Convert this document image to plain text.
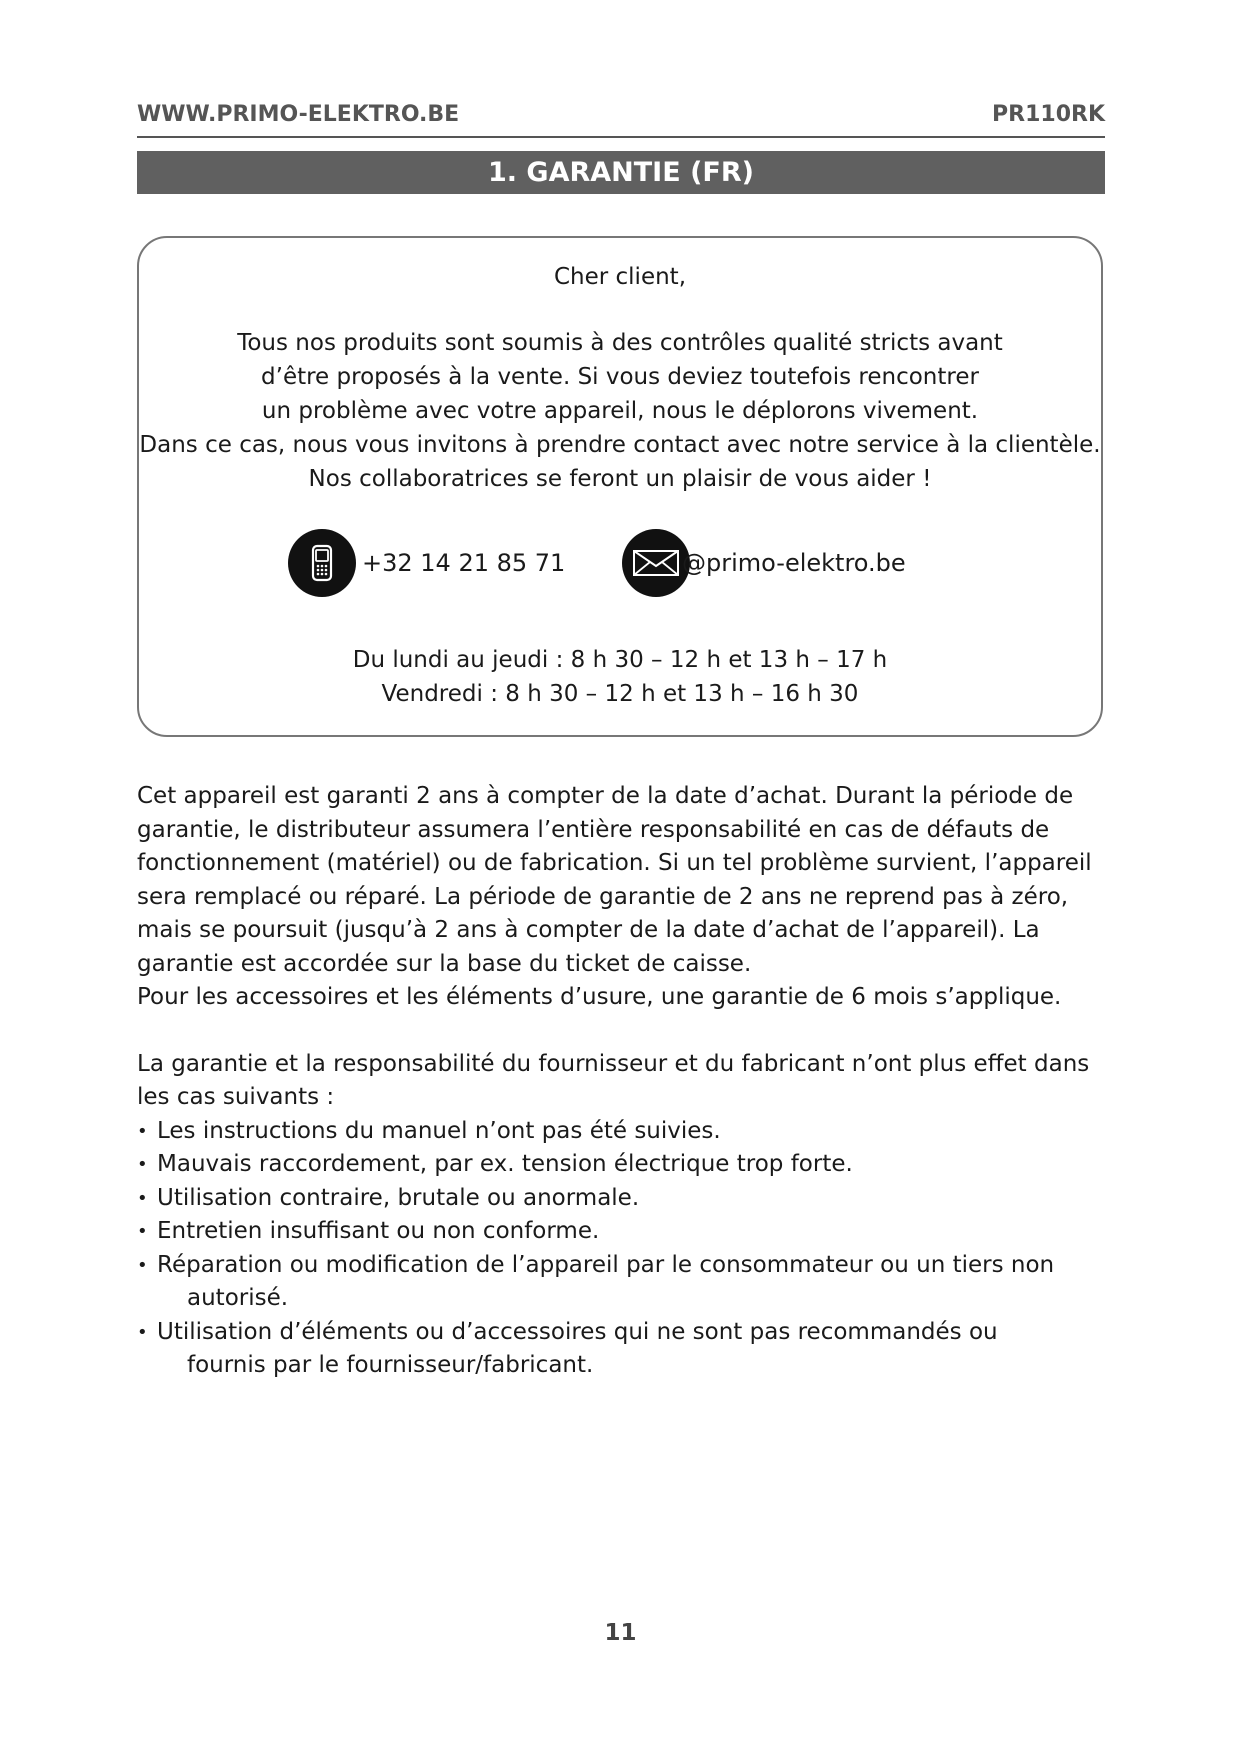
WWW.PRIMO-ELEKTRO.BE	PR110RK
1. GARANTIE (FR)
Cher client,

Tous nos produits sont soumis à des contrôles qualité stricts avant

d’être proposés à la vente. Si vous deviez toutefois rencontrer

un problème avec votre appareil, nous le déplorons vivement.

Dans ce cas, nous vous invitons à prendre contact avec notre service à la clientèle.

Nos collaboratrices se feront un plaisir de vous aider !

+32 14 21 85 71	@primo-elektro.be

Du lundi au jeudi : 8 h 30 – 12 h et 13 h – 17 h

Vendredi : 8 h 30 – 12 h et 13 h – 16 h 30

Cet appareil est garanti 2 ans à compter de la date d’achat. Durant la période de

garantie, le distributeur assumera l’entière responsabilité en cas de défauts de

fonctionnement (matériel) ou de fabrication. Si un tel problème survient, l’appareil

sera remplacé ou réparé. La période de garantie de 2 ans ne reprend pas à zéro,

mais se poursuit (jusqu’à 2 ans à compter de la date d’achat de l’appareil). La

garantie est accordée sur la base du ticket de caisse.

Pour les accessoires et les éléments d’usure, une garantie de 6 mois s’applique.

La garantie et la responsabilité du fournisseur et du fabricant n’ont plus effet dans

les cas suivants :

• Les instructions du manuel n’ont pas été suivies.
• Mauvais raccordement, par ex. tension électrique trop forte.
• Utilisation contraire, brutale ou anormale.
• Entretien insuffisant ou non conforme.
• Réparation ou modification de l’appareil par le consommateur ou un tiers non
autorisé.
• Utilisation d’éléments ou d’accessoires qui ne sont pas recommandés ou
fournis par le fournisseur/fabricant.
11
